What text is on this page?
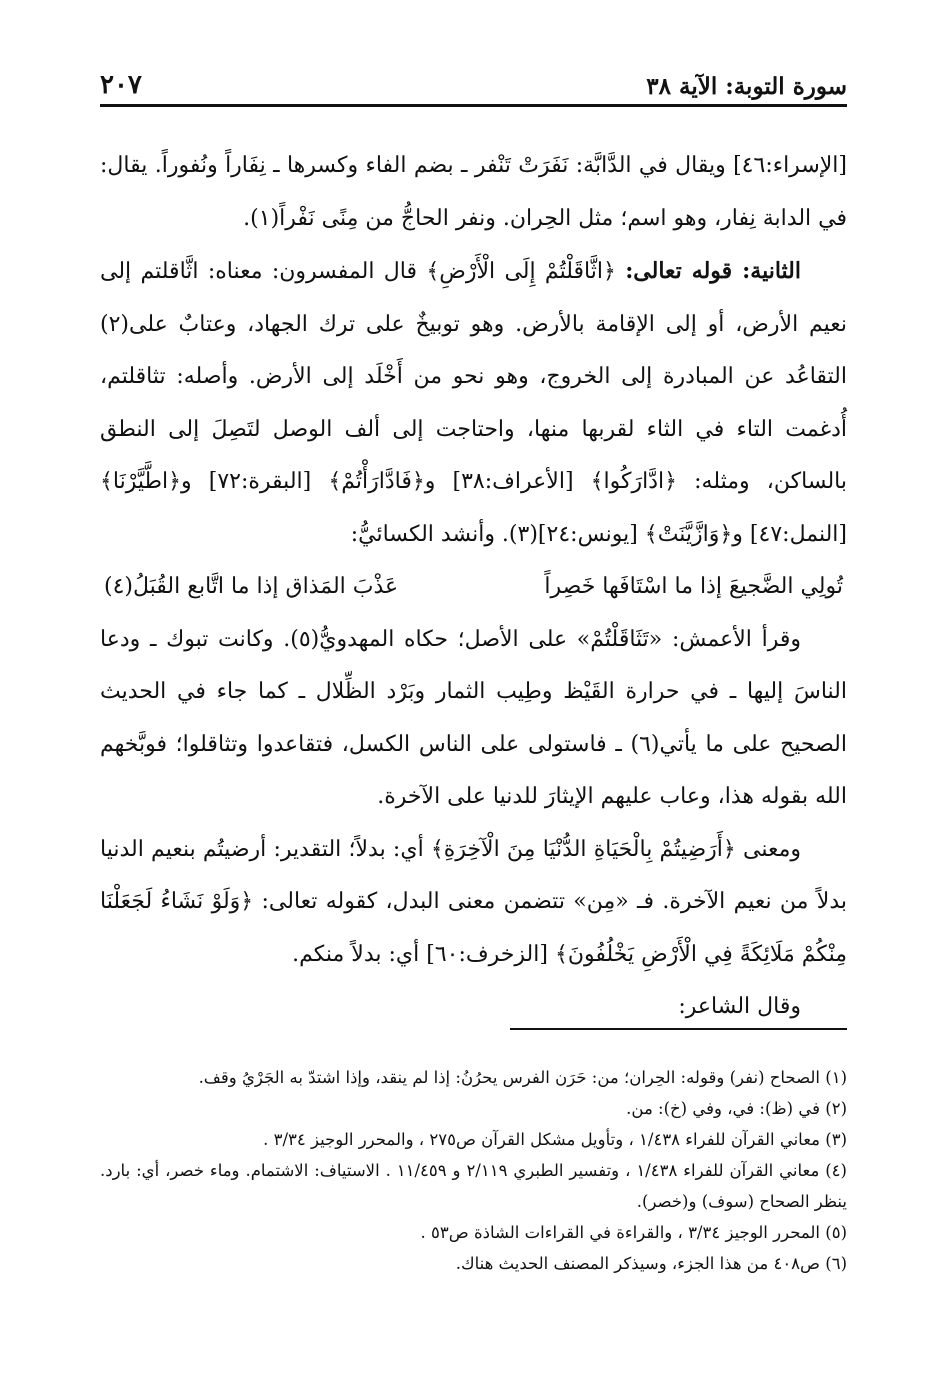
سورة التوبة: الآية ٣٨
٢٠٧

[الإسراء:٤٦] ويقال في الدَّابَّة: نَفَرَتْ تَنْفر ـ بضم الفاء وكسرها ـ نِفَاراً ونُفوراً. يقال: في الدابة نِفار، وهو اسم؛ مثل الحِران. ونفر الحاجُّ من مِنًى نَفْراً(١).

الثانية: قوله تعالى: ﴿اثَّاقَلْتُمْ إِلَى الْأَرْضِ﴾ قال المفسرون: معناه: اثَّاقلتم إلى نعيم الأرض، أو إلى الإقامة بالأرض. وهو توبيخٌ على ترك الجهاد، وعتابٌ على(٢) التقاعُد عن المبادرة إلى الخروج، وهو نحو من أَخْلَد إلى الأرض. وأصله: تثاقلتم، أُدغمت التاء في الثاء لقربها منها، واحتاجت إلى ألف الوصل لتَصِلَ إلى النطق بالساكن، ومثله: ﴿ادَّارَكُوا﴾ [الأعراف:٣٨] و﴿فَادَّارَأْتُمْ﴾ [البقرة:٧٢] و﴿اطَّيَّرْنَا﴾ [النمل:٤٧] و﴿وَازَّيَّنَتْ﴾ [يونس:٢٤](٣). وأنشد الكسائيُّ:

تُولِي الضَّجيعَ إذا ما اسْتَافَها خَصِراً
عَذْبَ المَذاق إذا ما اتَّابع القُبَلُ(٤)

وقرأ الأعمش: «تَثَاقَلْتُمْ» على الأصل؛ حكاه المهدويُّ(٥). وكانت تبوك ـ ودعا الناسَ إليها ـ في حرارة القَيْظ وطِيب الثمار وبَرْد الظِّلال ـ كما جاء في الحديث الصحيح على ما يأتي(٦) ـ فاستولى على الناس الكسل، فتقاعدوا وتثاقلوا؛ فوبَّخهم الله بقوله هذا، وعاب عليهم الإيثارَ للدنيا على الآخرة.

ومعنى ﴿أَرَضِيتُمْ بِالْحَيَاةِ الدُّنْيَا مِنَ الْآخِرَةِ﴾ أي: بدلاً؛ التقدير: أرضيتُم بنعيم الدنيا بدلاً من نعيم الآخرة. فـ «مِن» تتضمن معنى البدل، كقوله تعالى: ﴿وَلَوْ نَشَاءُ لَجَعَلْنَا مِنْكُمْ مَلَائِكَةً فِي الْأَرْضِ يَخْلُفُونَ﴾ [الزخرف:٦٠] أي: بدلاً منكم.

وقال الشاعر:

(١) الصحاح (نفر) وقوله: الحِران؛ من: حَرَن الفرس يحرُنُ: إذا لم ينقد، وإذا اشتدّ به الجَرْيُ وقف.

(٢) في (ظ): في، وفي (خ): من.

(٣) معاني القرآن للفراء ١/٤٣٨ ، وتأويل مشكل القرآن ص٢٧٥ ، والمحرر الوجيز ٣/٣٤ .

(٤) معاني القرآن للفراء ١/٤٣٨ ، وتفسير الطبري ٢/١١٩ و ١١/٤٥٩ . الاستياف: الاشتمام. وماء خصر، أي: بارد. ينظر الصحاح (سوف) و(خصر).

(٥) المحرر الوجيز ٣/٣٤ ، والقراءة في القراءات الشاذة ص٥٣ .

(٦) ص٤٠٨ من هذا الجزء، وسيذكر المصنف الحديث هناك.
